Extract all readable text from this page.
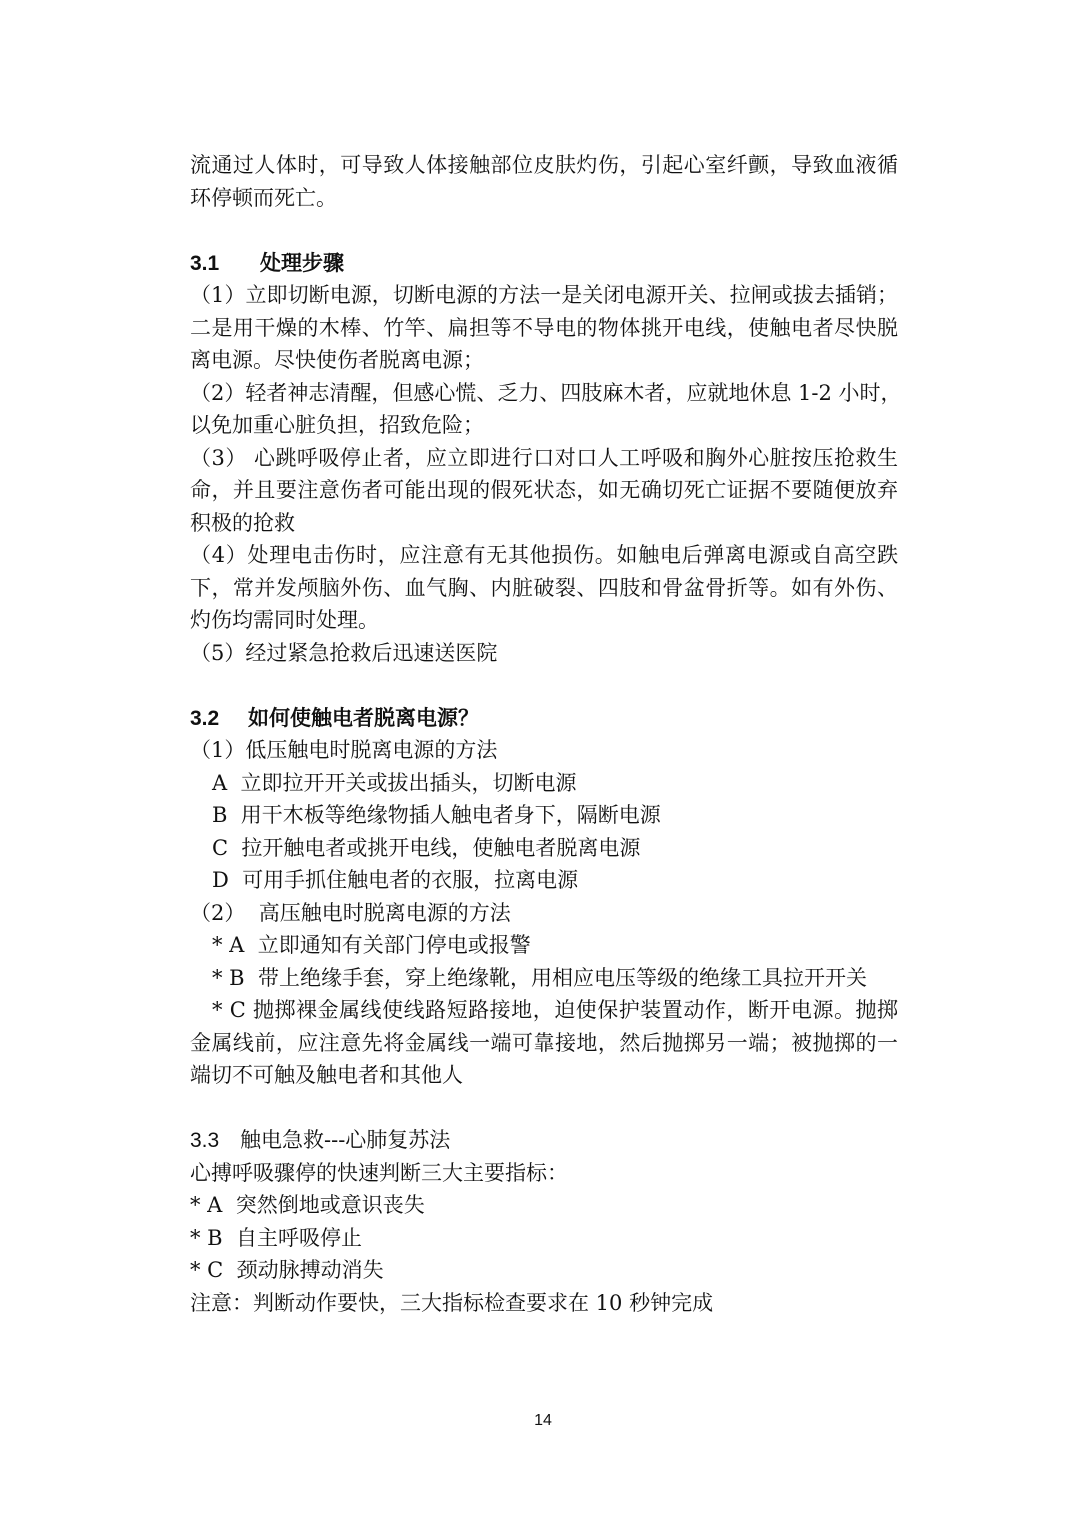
流通过人体时，可导致人体接触部位皮肤灼伤，引起心室纤颤，导致血液循
环停顿而死亡。
3.1 处理步骤
（1）立即切断电源，切断电源的方法一是关闭电源开关、拉闸或拔去插销；
二是用干燥的木棒、竹竿、扁担等不导电的物体挑开电线，使触电者尽快脱
离电源。尽快使伤者脱离电源；
（2）轻者神志清醒，但感心慌、乏力、四肢麻木者，应就地休息 1-2 小时，
以免加重心脏负担，招致危险；
（3） 心跳呼吸停止者，应立即进行口对口人工呼吸和胸外心脏按压抢救生
命，并且要注意伤者可能出现的假死状态，如无确切死亡证据不要随便放弃
积极的抢救
（4）处理电击伤时，应注意有无其他损伤。如触电后弹离电源或自高空跌
下，常并发颅脑外伤、血气胸、内脏破裂、四肢和骨盆骨折等。如有外伤、
灼伤均需同时处理。
（5）经过紧急抢救后迅速送医院
3.2 如何使触电者脱离电源？
（1）低压触电时脱离电源的方法
A  立即拉开开关或拔出插头，切断电源
B  用干木板等绝缘物插人触电者身下，隔断电源
C  拉开触电者或挑开电线，使触电者脱离电源
D  可用手抓住触电者的衣服，拉离电源
（2）  高压触电时脱离电源的方法
* A  立即通知有关部门停电或报警
* B  带上绝缘手套，穿上绝缘靴，用相应电压等级的绝缘工具拉开开关
* C 抛掷裸金属线使线路短路接地，迫使保护装置动作，断开电源。抛掷
金属线前，应注意先将金属线一端可靠接地，然后抛掷另一端；被抛掷的一
端切不可触及触电者和其他人
3.3 触电急救---心肺复苏法
心搏呼吸骤停的快速判断三大主要指标：
* A  突然倒地或意识丧失
* B  自主呼吸停止
* C  颈动脉搏动消失
注意：判断动作要快，三大指标检查要求在 10 秒钟完成
14
